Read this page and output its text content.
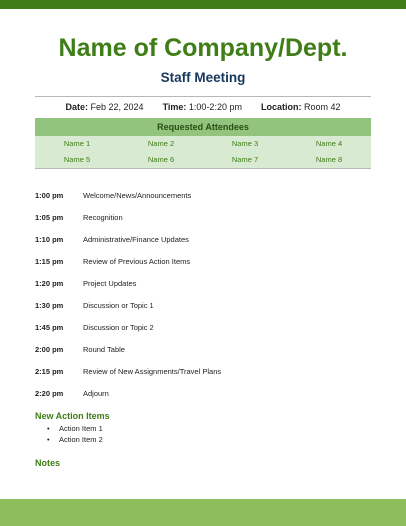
Name of Company/Dept.
Staff Meeting
Date: Feb 22, 2024 Time: 1:00-2:20 pm Location: Room 42
Requested Attendees
Name 1	Name 2	Name 3	Name 4
Name 5	Name 6	Name 7	Name 8
1:00 pm	Welcome/News/Announcements
1:05 pm	Recognition
1:10 pm	Administrative/Finance Updates
1:15 pm	Review of Previous Action Items
1:20 pm	Project Updates
1:30 pm	Discussion or Topic 1
1:45 pm	Discussion or Topic 2
2:00 pm	Round Table
2:15 pm	Review of New Assignments/Travel Plans
2:20 pm	Adjourn
New Action Items
• Action Item 1
• Action Item 2
Notes
